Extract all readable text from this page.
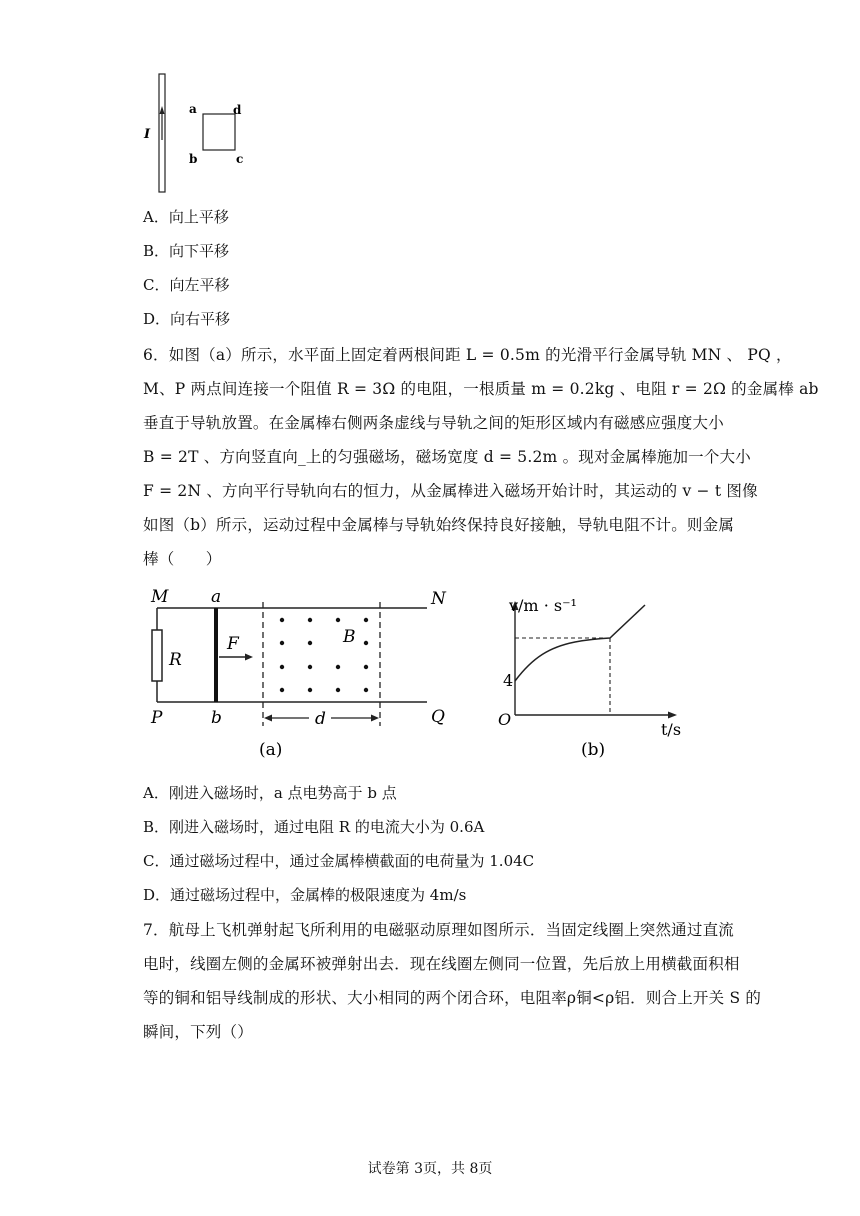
I
a	d
b	c
A．向上平移
B．向下平移
C．向左平移
D．向右平移

6．如图（a）所示，水平面上固定着两根间距 L = 0.5m 的光滑平行金属导轨 MN 、 PQ ，

M、P 两点间连接一个阻值 R = 3Ω 的电阻，一根质量 m = 0.2kg 、电阻 r = 2Ω 的金属棒 ab

垂直于导轨放置。在金属棒右侧两条虚线与导轨之间的矩形区域内有磁感应强度大小

B = 2T 、方向竖直向_上的匀强磁场，磁场宽度 d = 5.2m 。现对金属棒施加一个大小

F = 2N 、方向平行导轨向右的恒力，从金属棒进入磁场开始计时，其运动的 v − t 图像

如图（b）所示，运动过程中金属棒与导轨始终保持良好接触，导轨电阻不计。则金属

棒（　　）

R
F	B
d
M	a	N
P	b	Q
(a)
v/m · s⁻¹
4
O
t/s
(b)
A．刚进入磁场时，a 点电势高于 b 点
B．刚进入磁场时，通过电阻 R 的电流大小为 0.6A
C．通过磁场过程中，通过金属棒横截面的电荷量为 1.04C
D．通过磁场过程中，金属棒的极限速度为 4m/s

7．航母上飞机弹射起飞所利用的电磁驱动原理如图所示．当固定线圈上突然通过直流

电时，线圈左侧的金属环被弹射出去．现在线圈左侧同一位置，先后放上用横截面积相

等的铜和铝导线制成的形状、大小相同的两个闭合环，电阻率ρ铜<ρ铝．则合上开关 S 的

瞬间，下列（）

试卷第 3页，共 8页
